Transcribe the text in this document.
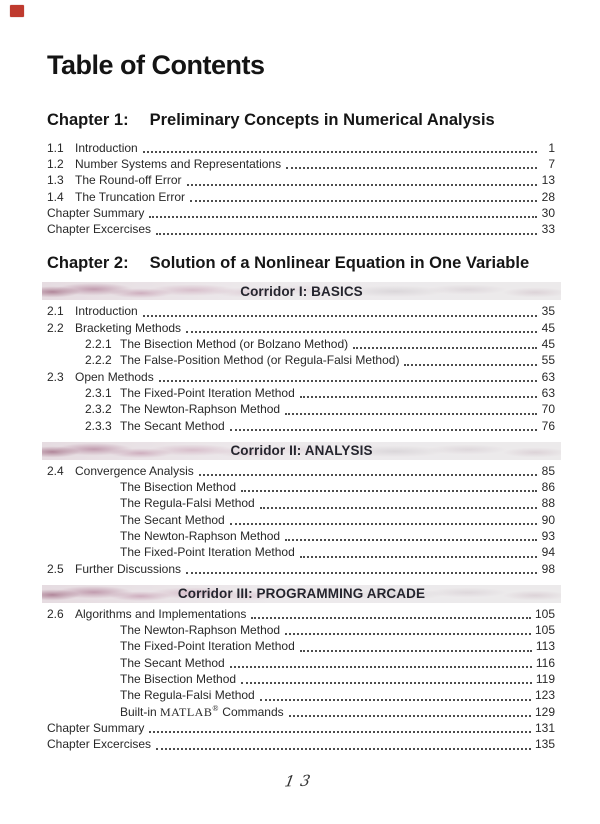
Table of Contents
Chapter 1: Preliminary Concepts in Numerical Analysis
1.1 Introduction	1
1.2 Number Systems and Representations	7
1.3 The Round-off Error	13
1.4 The Truncation Error	28
Chapter Summary	30
Chapter Excercises	33
Chapter 2: Solution of a Nonlinear Equation in One Variable
Corridor I: BASICS
2.1 Introduction	35
2.2 Bracketing Methods	45
2.2.1 The Bisection Method (or Bolzano Method)	45
2.2.2 The False-Position Method (or Regula-Falsi Method)	55
2.3 Open Methods	63
2.3.1 The Fixed-Point Iteration Method	63
2.3.2 The Newton-Raphson Method	70
2.3.3 The Secant Method	76
Corridor II: ANALYSIS
2.4 Convergence Analysis	85
The Bisection Method	86
The Regula-Falsi Method	88
The Secant Method	90
The Newton-Raphson Method	93
The Fixed-Point Iteration Method	94
2.5 Further Discussions	98
Corridor III: PROGRAMMING ARCADE
2.6 Algorithms and Implementations	105
The Newton-Raphson Method	105
The Fixed-Point Iteration Method	113
The Secant Method	116
The Bisection Method	119
The Regula-Falsi Method	123
Built-in MATLAB® Commands	129
Chapter Summary	131
Chapter Excercises	135
13
